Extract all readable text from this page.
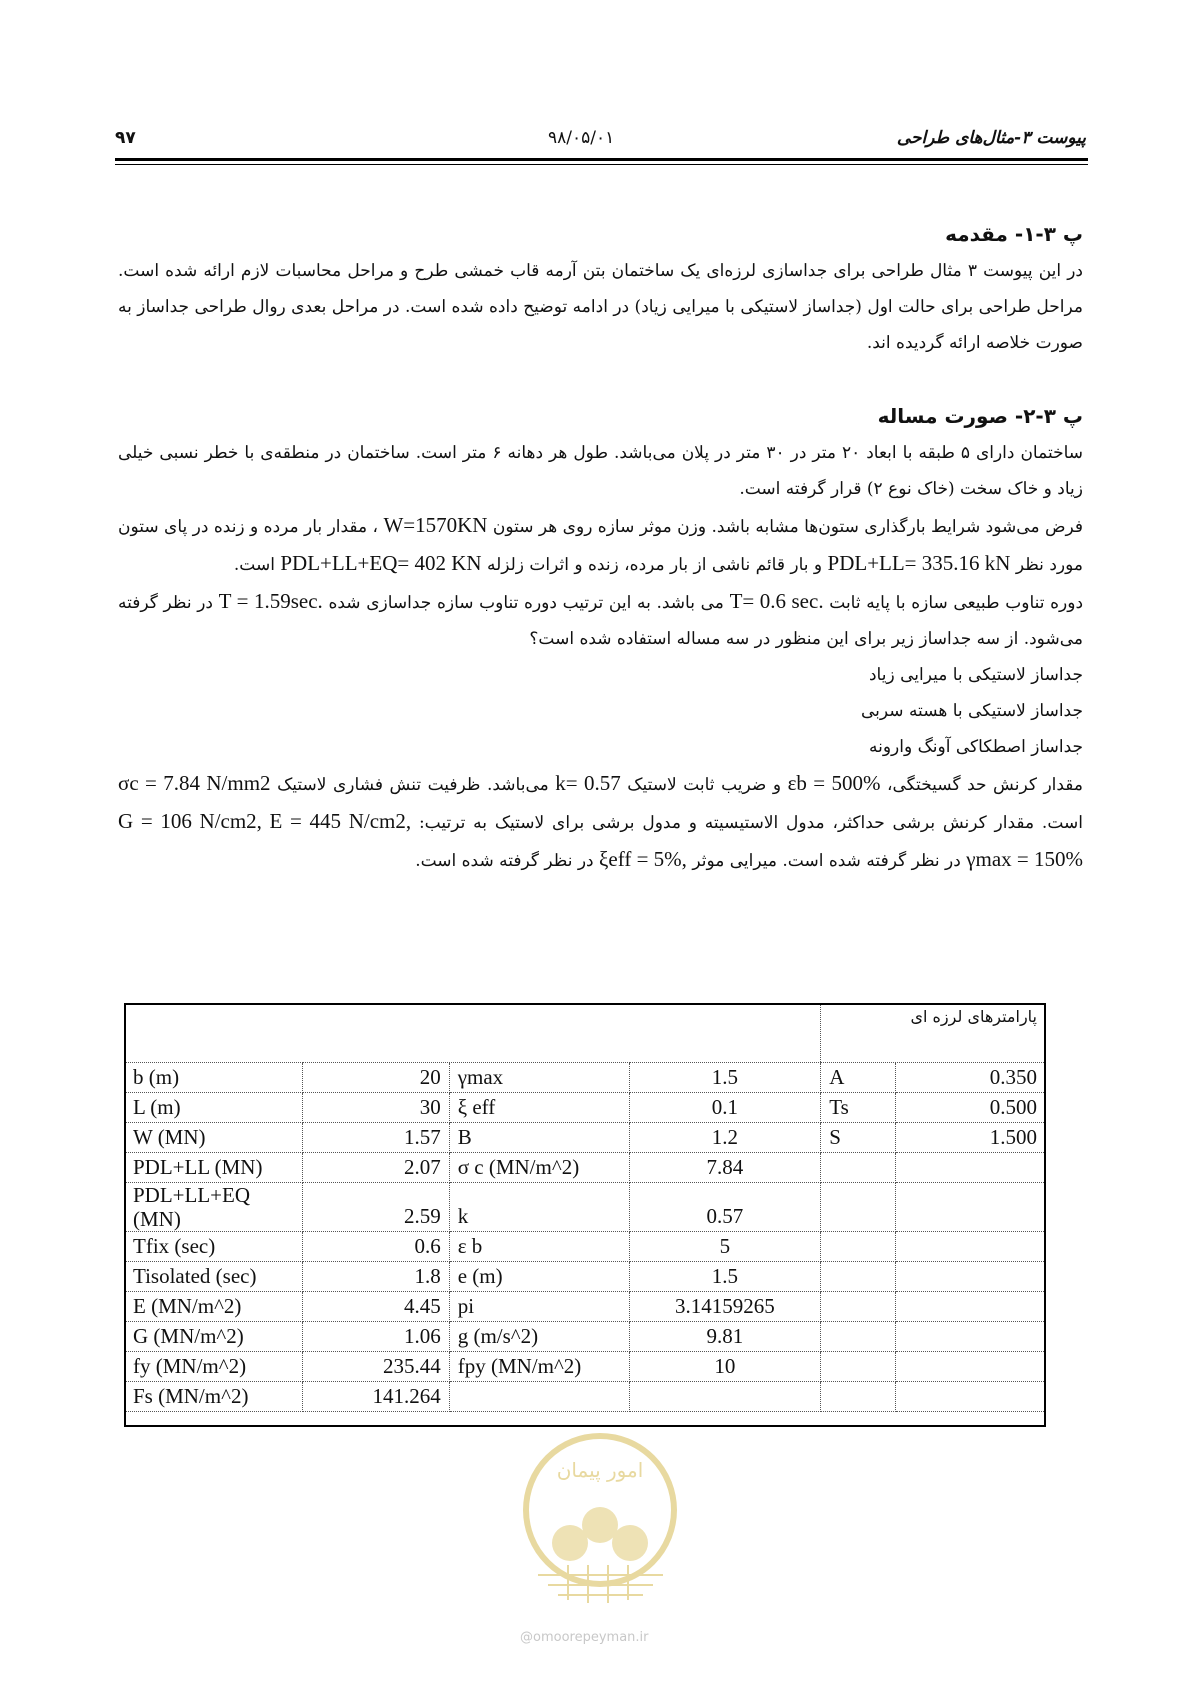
۹۷	۹۸/۰۵/۰۱	پیوست ۳-مثال‌های طراحی
پ ۳-۱- مقدمه

در این پیوست ۳ مثال طراحی برای جداسازی لرزه‌ای یک ساختمان بتن آرمه قاب خمشی طرح و مراحل محاسبات لازم ارائه شده است. مراحل طراحی برای حالت اول (جداساز لاستیکی با میرایی زیاد) در ادامه توضیح داده شده است. در مراحل بعدی روال طراحی جداساز به صورت خلاصه ارائه گردیده اند.

پ ۳-۲- صورت مساله

ساختمان دارای ۵ طبقه با ابعاد ۲۰ متر در ۳۰ متر در پلان می‌باشد. طول هر دهانه ۶ متر است. ساختمان در منطقه‌ی با خطر نسبی خیلی زیاد و خاک سخت (خاک نوع ۲) قرار گرفته است.

فرض می‌شود شرایط بارگذاری ستون‌ها مشابه باشد. وزن موثر سازه روی هر ستون W=1570KN ، مقدار بار مرده و زنده در پای ستون مورد نظر PDL+LL= 335.16 kN و بار قائم ناشی از بار مرده، زنده و اثرات زلزله PDL+LL+EQ= 402 KN است.

دوره تناوب طبیعی سازه با پایه ثابت T= 0.6 sec. می باشد. به این ترتیب دوره تناوب سازه جداسازی شده T = 1.59sec. در نظر گرفته می‌شود. از سه جداساز زیر برای این منظور در سه مساله استفاده شده است؟

جداساز لاستیکی با میرایی زیاد

جداساز لاستیکی با هسته سربی

جداساز اصطکاکی آونگ وارونه

مقدار کرنش حد گسیختگی، εb = 500% و ضریب ثابت لاستیک k= 0.57 می‌باشد. ظرفیت تنش فشاری لاستیک σc = 7.84 N/mm2 است. مقدار کرنش برشی حداکثر، مدول الاستیسیته و مدول برشی برای لاستیک به ترتیب: G = 106 N/cm2, E = 445 N/cm2, γmax = 150% در نظر گرفته شده است. میرایی موثر ξeff = 5%, در نظر گرفته شده است.

				پارامترهای لرزه ای	
b (m)	20	γmax	1.5	A	0.350
L (m)	30	ξ eff	0.1	Ts	0.500
W (MN)	1.57	B	1.2	S	1.500
PDL+LL (MN)	2.07	σ c (MN/m^2)	7.84		
PDL+LL+EQ (MN)	2.59	k	0.57		
Tfix (sec)	0.6	ε b	5		
Tisolated (sec)	1.8	e (m)	1.5		
E (MN/m^2)	4.45	pi	3.14159265		
G (MN/m^2)	1.06	g (m/s^2)	9.81		
fy (MN/m^2)	235.44	fpy (MN/m^2)	10		
Fs (MN/m^2)	141.264				
امور پیمان
@omoorepeyman.ir
